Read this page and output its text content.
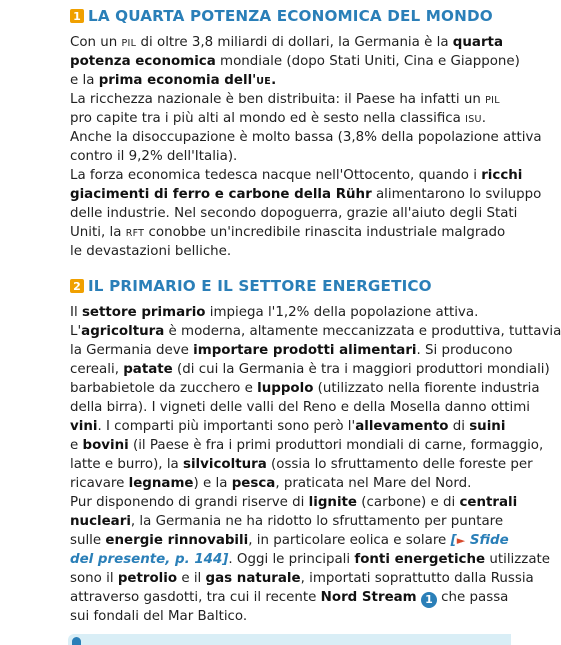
1 LA QUARTA POTENZA ECONOMICA DEL MONDO
Con un PIL di oltre 3,8 miliardi di dollari, la Germania è la quarta
potenza economica mondiale (dopo Stati Uniti, Cina e Giappone)
e la prima economia dell'UE.
La ricchezza nazionale è ben distribuita: il Paese ha infatti un PIL
pro capite tra i più alti al mondo ed è sesto nella classifica ISU.
Anche la disoccupazione è molto bassa (3,8% della popolazione attiva
contro il 9,2% dell'Italia).
La forza economica tedesca nacque nell'Ottocento, quando i ricchi
giacimenti di ferro e carbone della Rühr alimentarono lo sviluppo
delle industrie. Nel secondo dopoguerra, grazie all'aiuto degli Stati
Uniti, la RFT conobbe un'incredibile rinascita industriale malgrado
le devastazioni belliche.
2 IL PRIMARIO E IL SETTORE ENERGETICO
Il settore primario impiega l'1,2% della popolazione attiva.
L'agricoltura è moderna, altamente meccanizzata e produttiva, tuttavia
la Germania deve importare prodotti alimentari. Si producono
cereali, patate (di cui la Germania è tra i maggiori produttori mondiali)
barbabietole da zucchero e luppolo (utilizzato nella fiorente industria
della birra). I vigneti delle valli del Reno e della Mosella danno ottimi
vini. I comparti più importanti sono però l'allevamento di suini
e bovini (il Paese è fra i primi produttori mondiali di carne, formaggio,
latte e burro), la silvicoltura (ossia lo sfruttamento delle foreste per
ricavare legname) e la pesca, praticata nel Mare del Nord.
Pur disponendo di grandi riserve di lignite (carbone) e di centrali
nucleari, la Germania ne ha ridotto lo sfruttamento per puntare
sulle energie rinnovabili, in particolare eolica e solare [► Sfide
del presente, p. 144]. Oggi le principali fonti energetiche utilizzate
sono il petrolio e il gas naturale, importati soprattutto dalla Russia
attraverso gasdotti, tra cui il recente Nord Stream 1 che passa
sui fondali del Mar Baltico.
